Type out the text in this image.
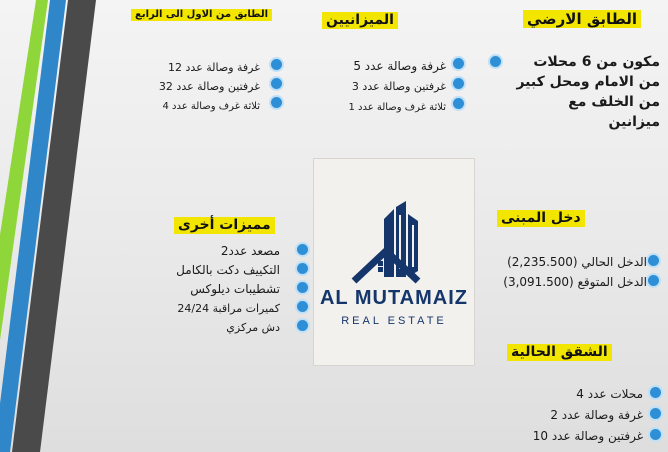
الطابق الارضي
مكون من 6 محلات
من الامام ومحل كبير
من الخلف مع
ميزانين
الميزانيين
غرفة وصالة عدد 5
غرفتين وصالة عدد 3
ثلاثة غرف وصالة عدد 1
الطابق من الاول الى الرابع
غرفة وصالة عدد 12
غرفتين وصالة عدد 32
ثلاثة غرف وصالة عدد 4
AL MUTAMAIZ
REAL ESTATE
مميزات أخرى
مصعد عدد2
التكييف دكت بالكامل
تشطيبات ديلوكس
كميرات مراقبة 24/24
دش مركزي
دخل المبنى
الدخل الحالي (2,235.500)
الدخل المتوقع (3,091.500)
الشقق الحالية
محلات عدد 4
غرفة وصالة عدد 2
غرفتين وصالة عدد 10
